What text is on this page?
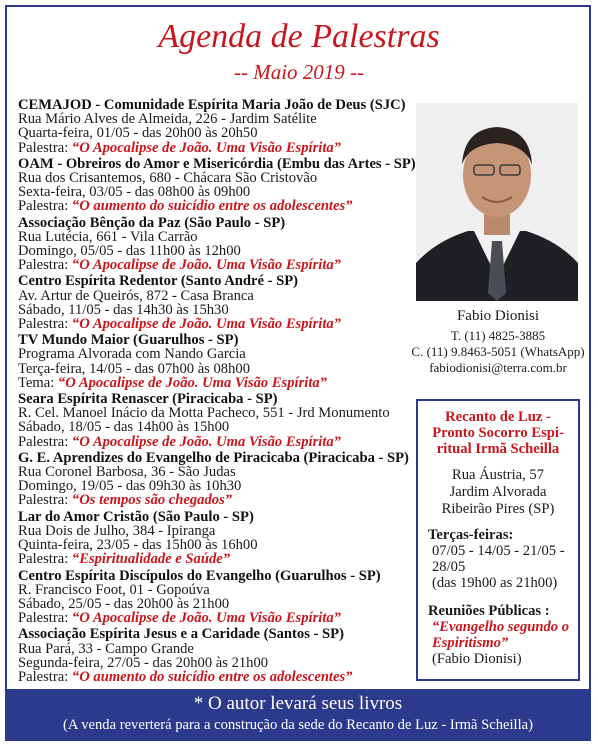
Agenda de Palestras
-- Maio 2019 --
CEMAJOD - Comunidade Espírita Maria João de Deus (SJC)
Rua Mário Alves de Almeida, 226 - Jardim Satélite
Quarta-feira, 01/05 - das 20h00 às 20h50
Palestra: “O Apocalipse de João. Uma Visão Espírita”
OAM - Obreiros do Amor e Misericórdia (Embu das Artes - SP)
Rua dos Crisantemos, 680 - Chácara São Cristovão
Sexta-feira, 03/05 - das 08h00 às 09h00
Palestra: “O aumento do suicídio entre os adolescentes”
Associação Bênção da Paz (São Paulo - SP)
Rua Lutécia, 661 - Vila Carrão
Domingo, 05/05 - das 11h00 às 12h00
Palestra: “O Apocalipse de João. Uma Visão Espírita”
Centro Espírita Redentor (Santo André - SP)
Av. Artur de Queirós, 872 - Casa Branca
Sábado, 11/05 - das 14h30 às 15h30
Palestra: “O Apocalipse de João. Uma Visão Espírita”
TV Mundo Maior (Guarulhos - SP)
Programa Alvorada com Nando Garcia
Terça-feira, 14/05 - das 07h00 às 08h00
Tema: “O Apocalipse de João. Uma Visão Espírita”
Seara Espírita Renascer (Piracicaba - SP)
R. Cel. Manoel Inácio da Motta Pacheco, 551 - Jrd Monumento
Sábado, 18/05 - das 14h00 às 15h00
Palestra: “O Apocalipse de João. Uma Visão Espírita”
G. E. Aprendizes do Evangelho de Piracicaba (Piracicaba - SP)
Rua Coronel Barbosa, 36 - São Judas
Domingo, 19/05 - das 09h30 às 10h30
Palestra: “Os tempos são chegados”
Lar do Amor Cristão (São Paulo - SP)
Rua Dois de Julho, 384 - Ipiranga
Quinta-feira, 23/05 - das 15h00 às 16h00
Palestra: “Espiritualidade e Saúde”
Centro Espírita Discípulos do Evangelho (Guarulhos - SP)
R. Francisco Foot, 01 - Gopoúva
Sábado, 25/05 - das 20h00 às 21h00
Palestra: “O Apocalipse de João. Uma Visão Espírita”
Associação Espírita Jesus e a Caridade (Santos - SP)
Rua Pará, 33 - Campo Grande
Segunda-feira, 27/05 - das 20h00 às 21h00
Palestra: “O aumento do suicídio entre os adolescentes”
Fabio Dionisi
T. (11) 4825-3885
C. (11) 9.8463-5051 (WhatsApp)
fabiodionisi@terra.com.br
Recanto de Luz -
Pronto Socorro Espi-
ritual Irmã Scheilla
Rua Áustria, 57
Jardim Alvorada
Ribeirão Pires (SP)
Terças-feiras:
07/05 - 14/05 - 21/05 -
28/05
(das 19h00 as 21h00)
Reuniões Públicas :
“Evangelho segundo o
Espiritismo”
(Fabio Dionisi)
* O autor levará seus livros
(A venda reverterá para a construção da sede do Recanto de Luz - Irmã Scheilla)
